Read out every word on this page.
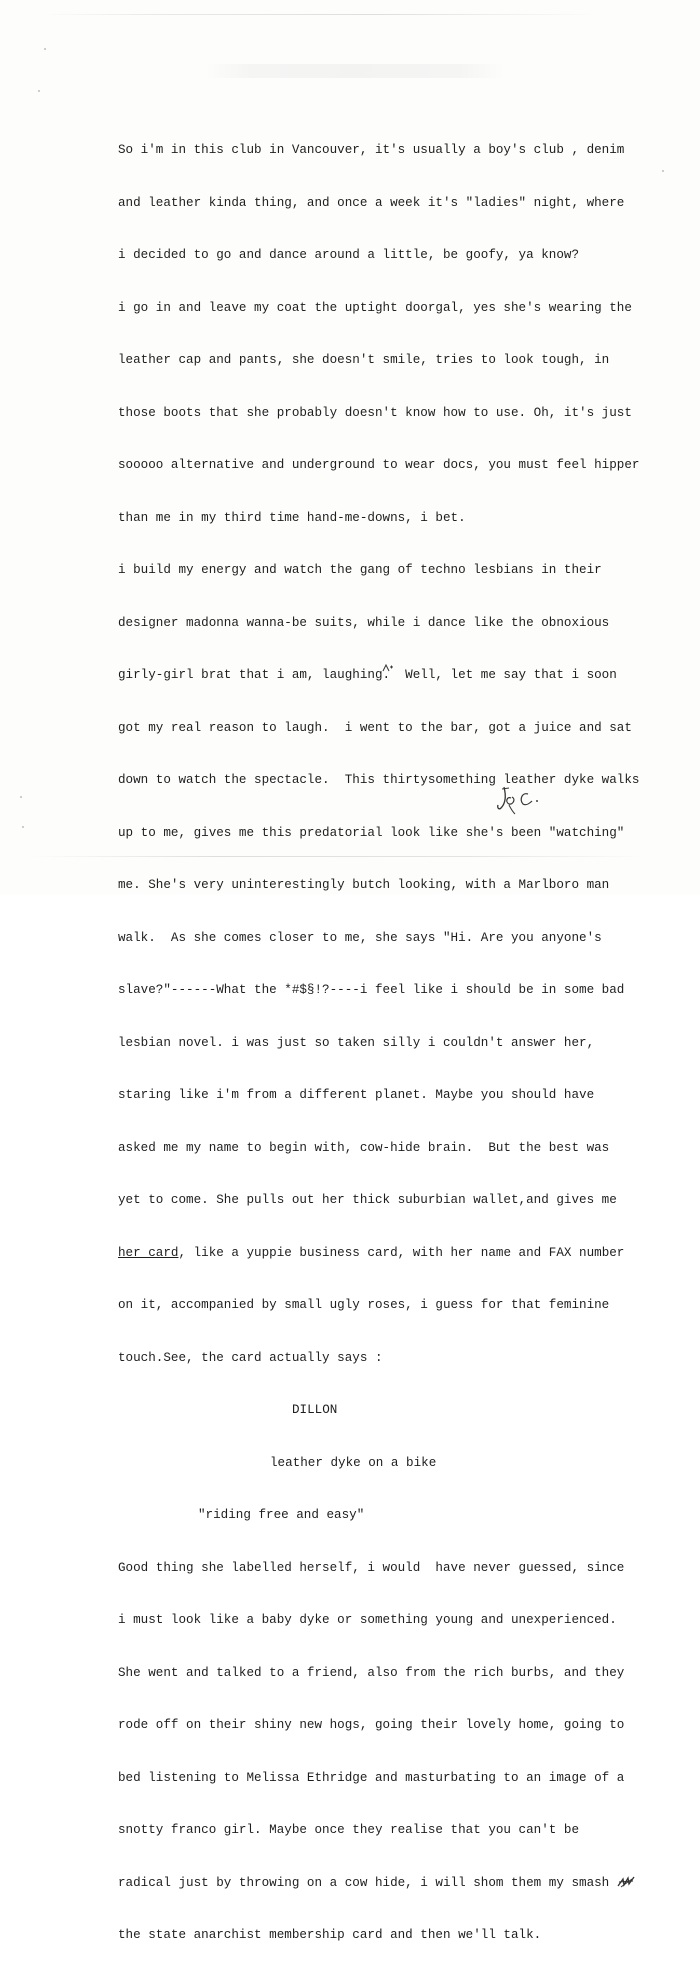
So i'm in this club in Vancouver, it's usually a boy's club , denim

and leather kinda thing, and once a week it's "ladies" night, where

i decided to go and dance around a little, be goofy, ya know?

i go in and leave my coat the uptight doorgal, yes she's wearing the

leather cap and pants, she doesn't smile, tries to look tough, in

those boots that she probably doesn't know how to use. Oh, it's just

sooooo alternative and underground to wear docs, you must feel hipper

than me in my third time hand-me-downs, i bet.

i build my energy and watch the gang of techno lesbians in their

designer madonna wanna-be suits, while i dance like the obnoxious

girly-girl brat that i am, laughing.  Well, let me say that i soon

got my real reason to laugh.  i went to the bar, got a juice and sat

down to watch the spectacle.  This thirtysomething leather dyke walks

up to me, gives me this predatorial look like she's been "watching"

me. She's very uninterestingly butch looking, with a Marlboro man

walk.  As she comes closer to me, she says "Hi. Are you anyone's

slave?"------What the *#$§!?----i feel like i should be in some bad

lesbian novel. i was just so taken silly i couldn't answer her,

staring like i'm from a different planet. Maybe you should have

asked me my name to begin with, cow-hide brain.  But the best was

yet to come. She pulls out her thick suburbian wallet,and gives me

her card, like a yuppie business card, with her name and FAX number

on it, accompanied by small ugly roses, i guess for that feminine

touch.See, the card actually says :

DILLON

leather dyke on a bike

"riding free and easy"

Good thing she labelled herself, i would  have never guessed, since

i must look like a baby dyke or something young and unexperienced.

She went and talked to a friend, also from the rich burbs, and they

rode off on their shiny new hogs, going their lovely home, going to

bed listening to Melissa Ethridge and masturbating to an image of a

snotty franco girl. Maybe once they realise that you can't be

radical just by throwing on a cow hide, i will shom them my smash

the state anarchist membership card and then we'll talk.
